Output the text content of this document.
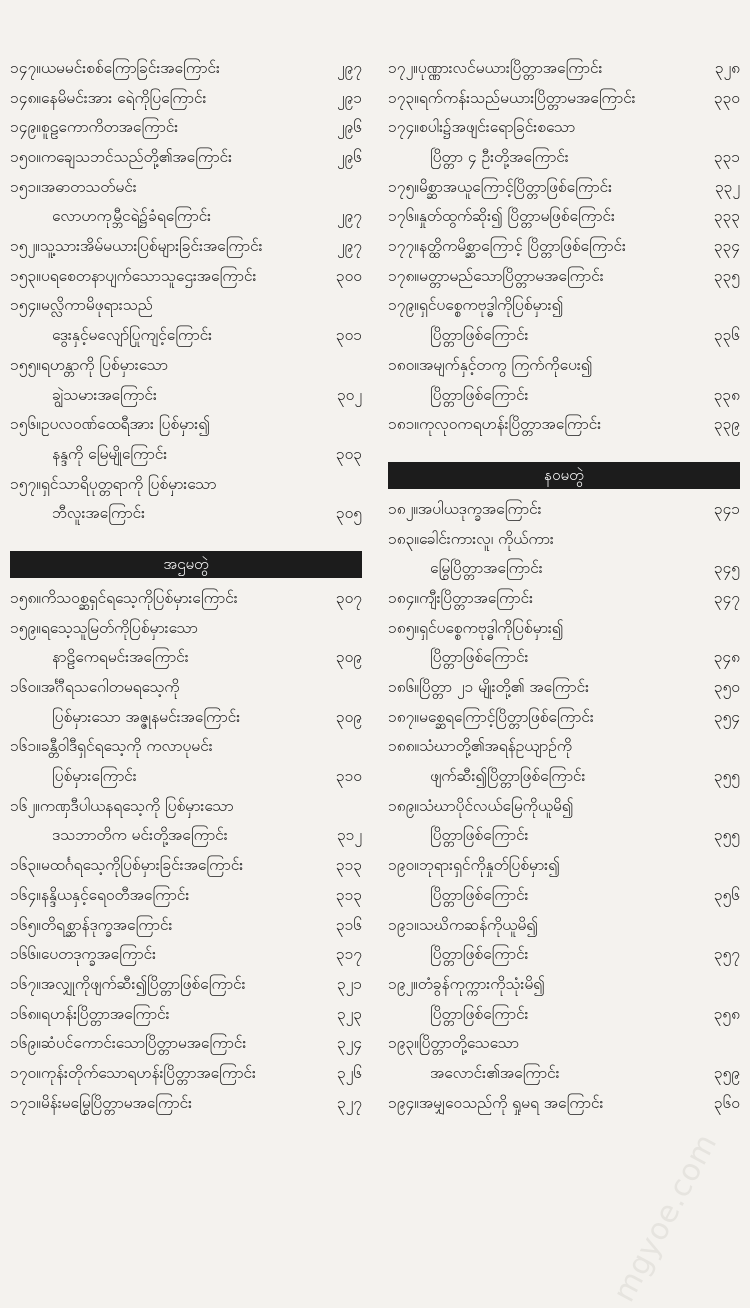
၁၄၇။ ယမမင်းစစ်ကြောခြင်းအကြောင်း	၂၉၇
၁၄၈။ နေမိမင်းအား ရေဲကိုပြကြောင်း	၂၉၁
၁၄၉။ စူဠကောကိတအကြောင်း	၂၉၆
၁၅၀။ ကချေသဘင်သည်တို့၏အကြောင်း	၂၉၆
၁၅၁။ အဓာတသတ်မင်း
လောဟကုမ္ဘီငရဲ၌ခံရကြောင်း	၂၉၇
၁၅၂။ သူ့သားအိမ်မယားပြစ်များခြင်းအကြောင်း	၂၉၇
၁၅၃။ ပရစေတနာပျက်သောသူဌေးအကြောင်း	၃၀၀
၁၅၄။ မလ္လိကာမိဖုရားသည်
ဒွေးနှင့်မလျော်ပြုကျင့်ကြောင်း	၃၀၁
၁၅၅။ ရဟန္တာကို ပြစ်မှားသော
ချွဲသမားအကြောင်း	၃၀၂
၁၅၆။ ဥပလဝဏ်ထေရီအား ပြစ်မှား၍
နန္ဒကို မြေမျိုကြောင်း	၃၀၃
၁၅၇။ ရှင်သာရိပုတ္တရာကို ပြစ်မှားသော
ဘီလူးအကြောင်း	၃၀၅
အဌမတွဲ
၁၅၈။ ကိသဝစ္ဆရှင်ရသေ့ကိုပြစ်မှားကြောင်း	၃၀၇
၁၅၉။ ရသေ့သူမြတ်ကိုပြစ်မှားသော
နာဠိကေရမင်းအကြောင်း	၃၀၉
၁၆၀။ အင်္ဂီရသဂေါတမရသေ့ကို
ပြစ်မှားသော အဇ္ဇုနမင်းအကြောင်း	၃၀၉
၁၆၁။ ခန္တီဝါဒီရှင်ရသေ့ကို ကလာပုမင်း
ပြစ်မှားကြောင်း	၃၁၀
၁၆၂။ ကဏှဒီပါယနရသေ့ကို ပြစ်မှားသော
ဒသဘာတိက မင်းတို့အကြောင်း	၃၁၂
၁၆၃။ မထင်္ဂရသေ့ကိုပြစ်မှားခြင်းအကြောင်း	၃၁၃
၁၆၄။ နန္ဒိယနှင့်ရေဝတီအကြောင်း	၃၁၃
၁၆၅။ တိရစ္ဆာန်ဒုက္ခအကြောင်း	၃၁၆
၁၆၆။ ပေတဒုက္ခအကြောင်း	၃၁၇
၁၆၇။ အလျှုကိုဖျက်ဆီး၍ပြိတ္တာဖြစ်ကြောင်း	၃၂၁
၁၆၈။ ရဟန်းပြိတ္တာအကြောင်း	၃၂၃
၁၆၉။ ဆံပင်ကောင်းသောပြိတ္တာမအကြောင်း	၃၂၄
၁၇၀။ ကုန်းတိုက်သောရဟန်းပြိတ္တာအကြောင်း	၃၂၆
၁၇၁။ မိန်းမမြွေပြိတ္တာမအကြောင်း	၃၂၇
၁၇၂။ ပုဏ္ဏားလင်မယားပြိတ္တာအကြောင်း	၃၂၈
၁၇၃။ ရက်ကန်းသည်မယားပြိတ္တာမအကြောင်း	၃၃၀
၁၇၄။ စပါး၌အဖျင်းရောခြင်းစသော
ပြိတ္တာ ၄ ဦးတို့အကြောင်း	၃၃၁
၁၇၅။ မိစ္ဆာအယူကြောင့်ပြိတ္တာဖြစ်ကြောင်း	၃၃၂
၁၇၆။ နှုတ်ထွက်ဆိုး၍ ပြိတ္တာမဖြစ်ကြောင်း	၃၃၃
၁၇၇။ နတ္ထိကမိစ္ဆာကြောင့် ပြိတ္တာဖြစ်ကြောင်း	၃၃၄
၁၇၈။ မတ္တာမည်သောပြိတ္တာမအကြောင်း	၃၃၅
၁၇၉။ ရှင်ပစ္စေကဗုဒ္ဓါကိုပြစ်မှား၍
ပြိတ္တာဖြစ်ကြောင်း	၃၃၆
၁၈၀။ အမျက်နှင့်တကွ ကြက်ကိုပေး၍
ပြိတ္တာဖြစ်ကြောင်း	၃၃၈
၁၈၁။ ကုလုဝကရဟန်းပြိတ္တာအကြောင်း	၃၃၉
နဝမတွဲ
၁၈၂။ အပါယဒုက္ခအကြောင်း	၃၄၁
၁၈၃။ ခေါင်းကားလူ၊ ကိုယ်ကား
မြွေပြိတ္တာအကြောင်း	၃၄၅
၁၈၄။ ကျီးပြိတ္တာအကြောင်း	၃၄၇
၁၈၅။ ရှင်ပစ္စေကဗုဒ္ဓါကိုပြစ်မှား၍
ပြိတ္တာဖြစ်ကြောင်း	၃၄၈
၁၈၆။ ပြိတ္တာ ၂၁ မျိုးတို့၏ အကြောင်း	၃၅၀
၁၈၇။ မစ္ဆေရကြောင့်ပြိတ္တာဖြစ်ကြောင်း	၃၅၄
၁၈၈။ သံဃာတို့၏အရန်ဥယျာဉ်ကို
ဖျက်ဆီး၍ပြိတ္တာဖြစ်ကြောင်း	၃၅၅
၁၈၉။ သံဃာပိုင်လယ်မြေကိုယူမိ၍
ပြိတ္တာဖြစ်ကြောင်း	၃၅၅
၁၉၀။ ဘုရားရှင်ကိုနှုတ်ပြစ်မှား၍
ပြိတ္တာဖြစ်ကြောင်း	၃၅၆
၁၉၁။ သဃိကဆန်ကိုယူမိ၍
ပြိတ္တာဖြစ်ကြောင်း	၃၅၇
၁၉၂။ တံခွန်ကုက္ကားကိုသုံးမိ၍
ပြိတ္တာဖြစ်ကြောင်း	၃၅၈
၁၉၃။ ပြိတ္တာတို့သေသော
အလောင်း၏အကြောင်း	၃၅၉
၁၉၄။ အမျှဝေသည်ကို ရှုမရ အကြောင်း	၃၆၀
mgyoe.com
